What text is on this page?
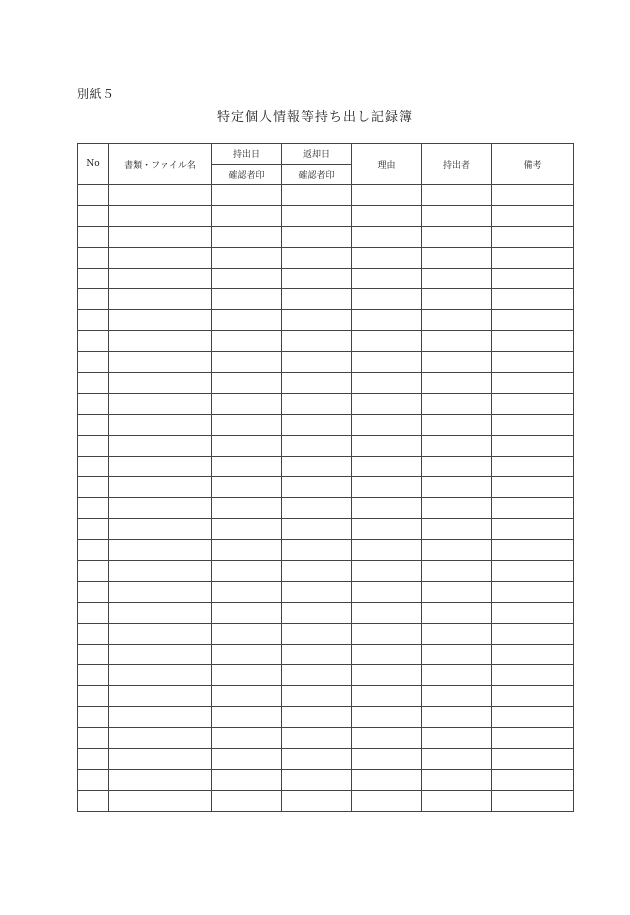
別紙５
特定個人情報等持ち出し記録簿
No	書類・ファイル名	持出日	返却日	理由	持出者	備考
		確認者印	確認者印			
